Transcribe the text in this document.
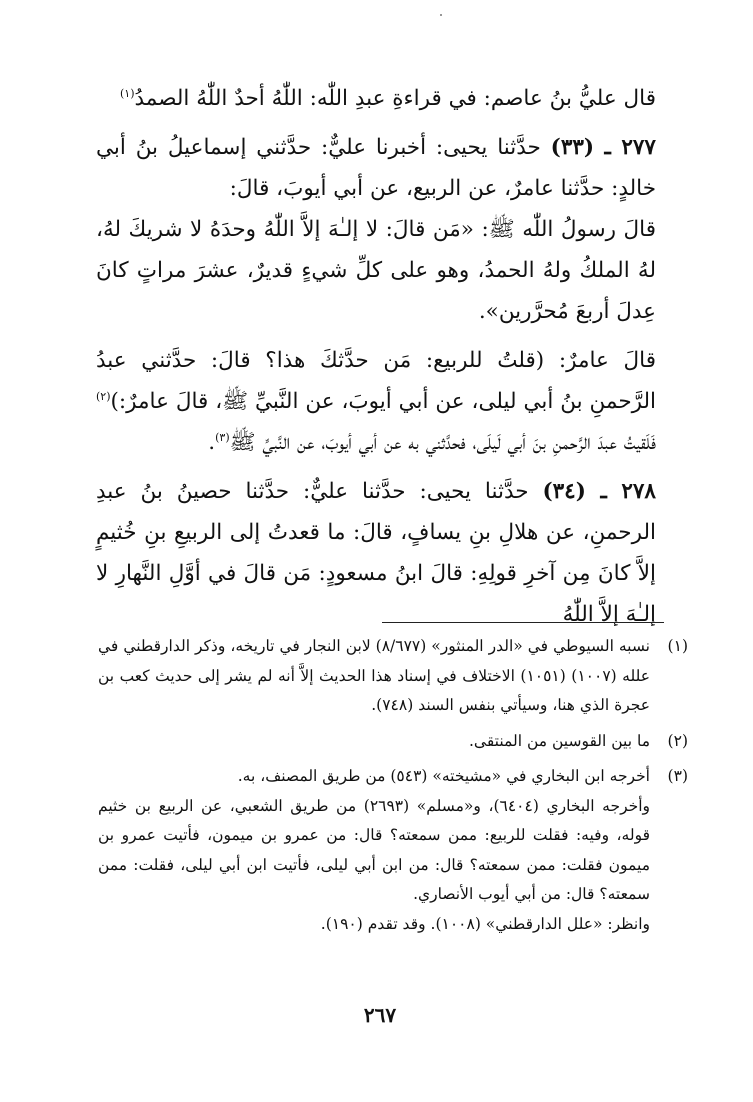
قال عليُّ بنُ عاصم: في قراءةِ عبدِ اللّٰه: اللّٰهُ أحدٌ اللّٰهُ الصمدُ$^{(١)}$

٢٧٧ ـ (٣٣) حدَّثنا يحيى: أخبرنا عليٌّ: حدَّثني إسماعيلُ بنُ أبي خالدٍ: حدَّثنا عامرٌ، عن الربيع، عن أبي أيوبَ، قالَ:

قالَ رسولُ اللّٰه ﷺ: «مَن قالَ: لا إلـٰهَ إلاَّ اللّٰهُ وحدَهُ لا شريكَ لهُ، لهُ الملكُ ولهُ الحمدُ، وهو على كلِّ شيءٍ قديرٌ، عشرَ مراتٍ كانَ عِدلَ أربعَ مُحرَّرين».

قالَ عامرٌ: (قلتُ للربيع: مَن حدَّثكَ هذا؟ قالَ: حدَّثني عبدُ الرَّحمنِ بنُ أبي ليلى، عن أبي أيوبَ، عن النَّبيِّ ﷺ، قالَ عامرٌ:)$^{(٢)}$ فَلَقيتُ عبدَ الرَّحمنِ بنَ أبي لَيلَى، فحدَّثني به عن أبي أيوبَ، عن النَّبيِّ ﷺ$^{(٣)}$.

٢٧٨ ـ (٣٤) حدَّثنا يحيى: حدَّثنا عليٌّ: حدَّثنا حصينُ بنُ عبدِ الرحمنِ، عن هلالِ بنِ يسافٍ، قالَ: ما قعدتُ إلى الربيعِ بنِ خُثيمٍ إلاَّ كانَ مِن آخرِ قولِهِ: قالَ ابنُ مسعودٍ: مَن قالَ في أوَّلِ النَّهارِ لا إلـٰهَ إلاَّ اللّٰهُ

(١)

نسبه السيوطي في «الدر المنثور» (٨/٦٧٧) لابن النجار في تاريخه، وذكر الدارقطني في علله (١٠٠٧) (١٠٥١) الاختلاف في إسناد هذا الحديث إلاَّ أنه لم يشر إلى حديث كعب بن عجرة الذي هنا، وسيأتي بنفس السند (٧٤٨).

(٢)

ما بين القوسين من المنتقى.

(٣)

أخرجه ابن البخاري في «مشيخته» (٥٤٣) من طريق المصنف، به.

وأخرجه البخاري (٦٤٠٤)، و«مسلم» (٢٦٩٣) من طريق الشعبي، عن الربيع بن خثيم قوله، وفيه: فقلت للربيع: ممن سمعته؟ قال: من عمرو بن ميمون، فأتيت عمرو بن ميمون فقلت: ممن سمعته؟ قال: من ابن أبي ليلى، فأتيت ابن أبي ليلى، فقلت: ممن سمعته؟ قال: من أبي أيوب الأنصاري.

وانظر: «علل الدارقطني» (١٠٠٨). وقد تقدم (١٩٠).

٢٦٧
